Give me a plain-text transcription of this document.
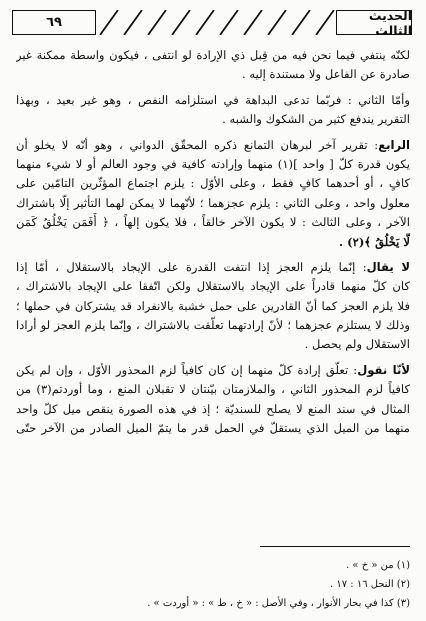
الحديث الثالث
٦٩
لكنّه ينتفي فيما نحن فيه من قِبل ذي الإرادة لو انتفى ، فيكون واسطة ممكنة غير
صادرة عن الفاعل ولا مستندة إليه .
وأمّا الثاني : فربّما تدعى البداهة في استلزامه النفص ، وهو غير بعيد ، وبهذا
التقرير يندفع كثير من الشكوك والشبه .
الرابع: تقرير آخر لبرهان التمانع ذكره المحقّق الدواني ، وهو أنّه لا يخلو أن
يكون قدرة كلّ [ واحد ](١) منهما وإرادته كافية في وجود العالم أو لا شيء منهما
كافٍ ، أو أحدهما كافٍ فقط ، وعلى الأوّل : يلزم اجتماع المؤثّرين التامّين على
معلول واحد ، وعلى الثاني : يلزم عجزهما ؛ لأنّهما لا يمكن لهما التأثير إلّا باشتراك
الآخر ، وعلى الثالث : لا يكون الآخر خالقاً ، فلا يكون إلهاً ، ﴿ أَفَمَن يَخْلُقُ كَمَن
لَّا يَخْلُقُ ﴾(٢) .
لا يقال: إنّما يلزم العجز إذا انتفت القدرة على الإيجاد بالاستقلال ، أمّا إذا
كان كلّ منهما قادراً على الإيجاد بالاستقلال ولكن اتّفقا على الإيجاد بالاشتراك ،
فلا يلزم العجز كما أنّ القادرين على حمل خشبة بالانفراد قد يشتركان في حملها ؛
وذلك لا يستلزم عجزهما ؛ لأنّ إرادتهما تعلّقت بالاشتراك ، وإنّما يلزم العجز لو أرادا
الاستقلال ولم يحصل .
لأنّا نقول: تعلّق إرادة كلّ منهما إن كان كافياً لزم المحذور الأوّل ، وإن لم يكن
كافياً لزم المحذور الثاني ، والملازمتان بيّنتان لا تقبلان المنع ، وما أوردتم(٣) من
المثال في سند المنع لا يصلح للسنديّة ؛ إذ في هذه الصورة ينقص ميل كلّ واحد
منهما من الميل الذي يستقلّ في الحمل قدر ما يتمّ الميل الصادر من الآخر حتّى
(١) من « خ » .
(٢) النحل ١٦ : ١٧ .
(٣) كذا في بحار الأنوار ، وفي الأصل : « خ ، ط » : « أوردت » .
